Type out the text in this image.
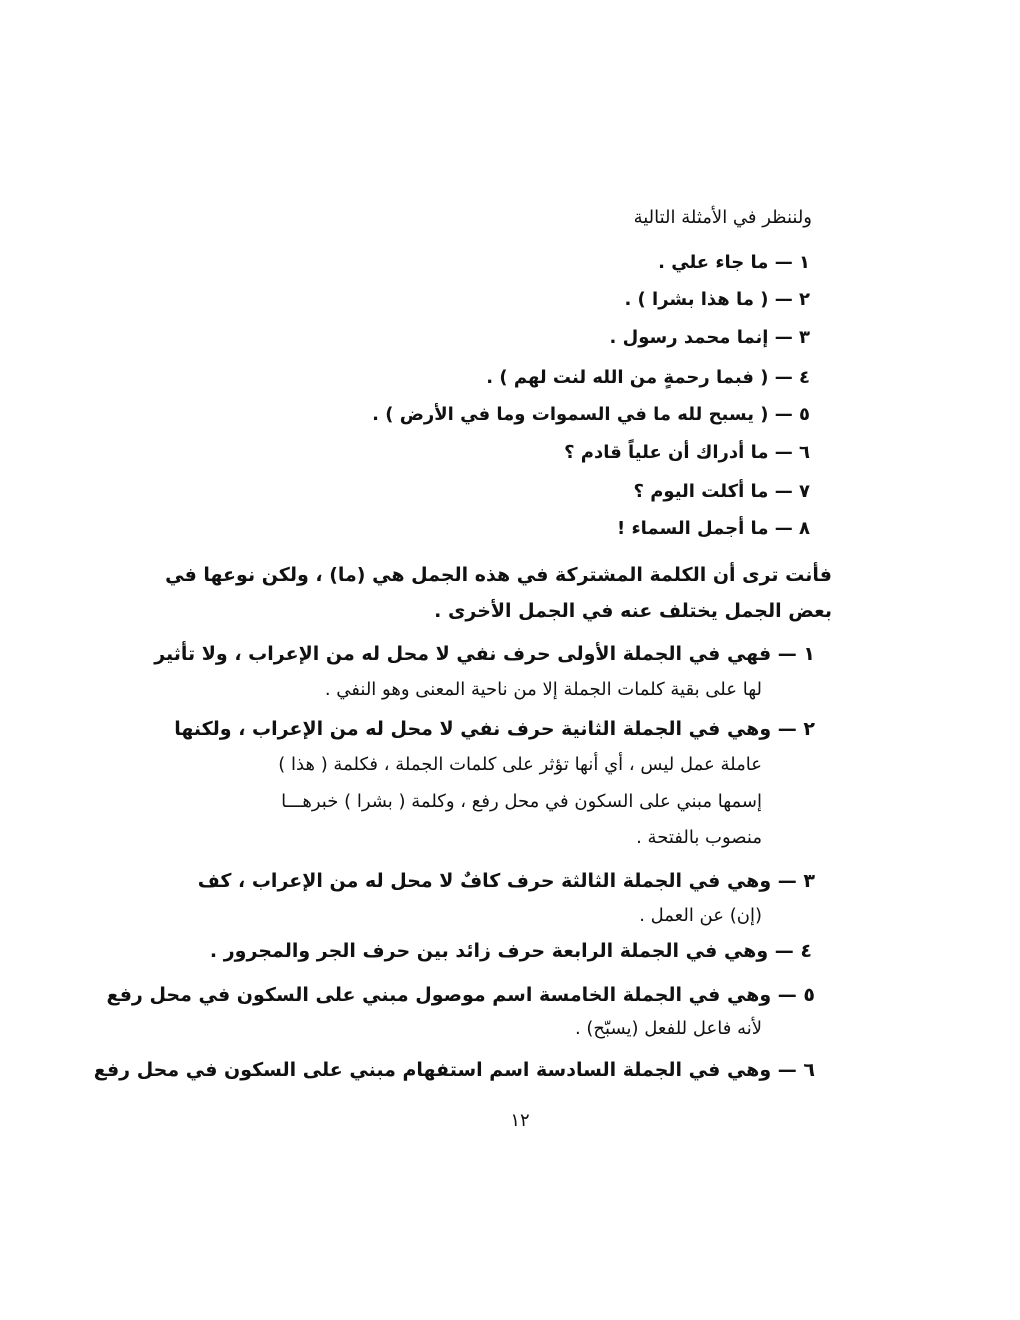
ولننظر في الأمثلة التالية
١ — ما جاء علي .
٢ — ( ما هذا بشرا ) .
٣ — إنما محمد رسول .
٤ — ( فبما رحمةٍ من الله لنت لهم ) .
٥ — ( يسبح لله ما في السموات وما في الأرض ) .
٦ — ما أدراك أن علياً قادم ؟
٧ — ما أكلت اليوم ؟
٨ — ما أجمل السماء !
فأنت ترى أن الكلمة المشتركة في هذه الجمل هي (ما) ، ولكن نوعها في
بعض الجمل يختلف عنه في الجمل الأخرى .
١ — فهي في الجملة الأولى حرف نفي لا محل له من الإعراب ، ولا تأثير
لها على بقية كلمات الجملة إلا من ناحية المعنى وهو النفي .
٢ — وهي في الجملة الثانية حرف نفي لا محل له من الإعراب ، ولكنها
عاملة عمل ليس ، أي أنها تؤثر على كلمات الجملة ، فكلمة ( هذا )
إسمها مبني على السكون في محل رفع ، وكلمة ( بشرا ) خبرهـــا
منصوب بالفتحة .
٣ — وهي في الجملة الثالثة حرف كافٌ لا محل له من الإعراب ، كف
(إن) عن العمل .
٤ — وهي في الجملة الرابعة حرف زائد بين حرف الجر والمجرور .
٥ — وهي في الجملة الخامسة اسم موصول مبني على السكون في محل رفع
لأنه فاعل للفعل (يسبّح) .
٦ — وهي في الجملة السادسة اسم استفهام مبني على السكون في محل رفع
١٢
